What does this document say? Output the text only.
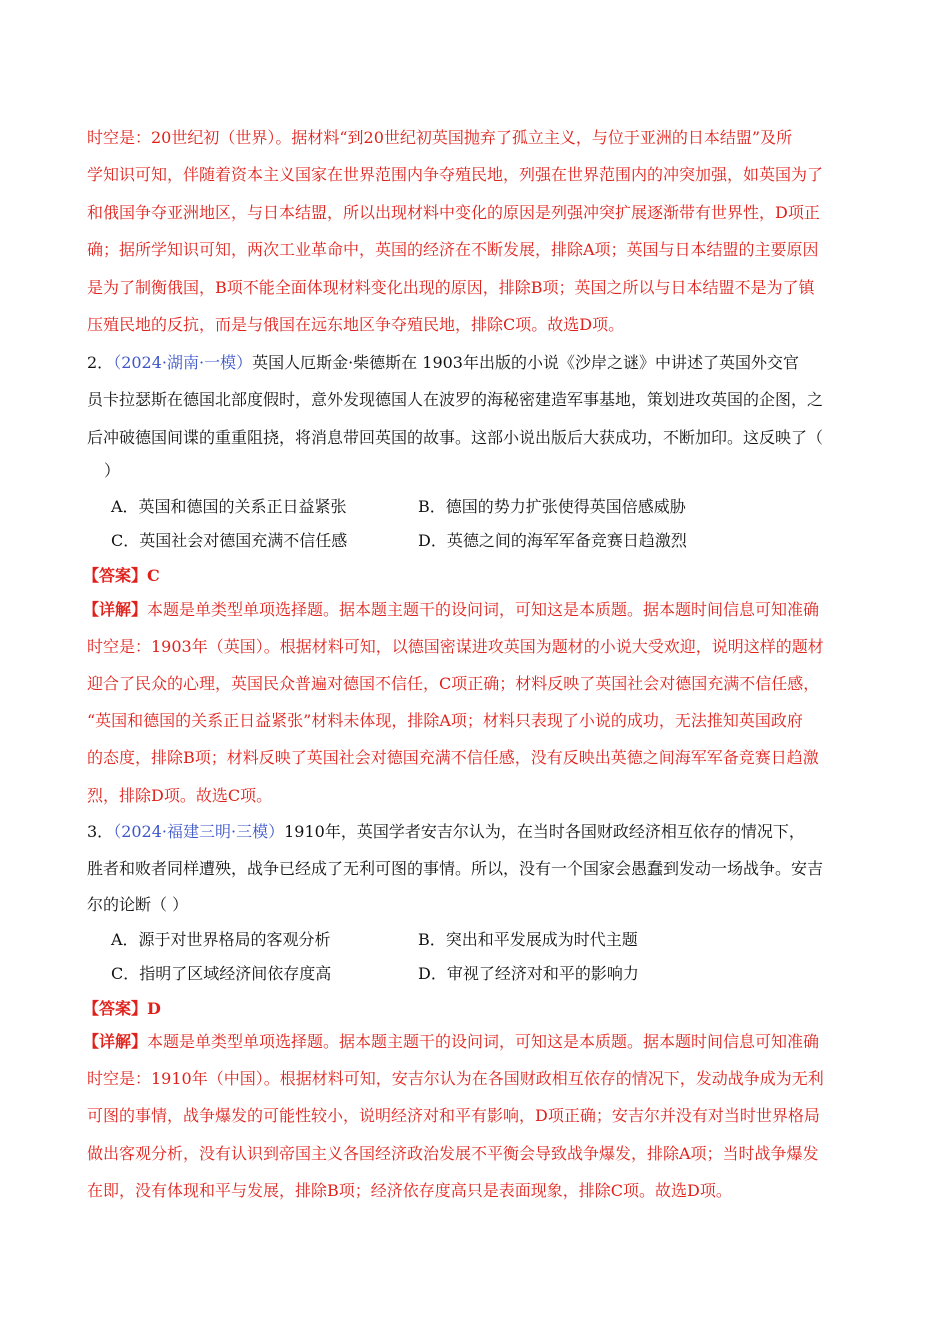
时空是：20世纪初（世界）。据材料“到20世纪初英国抛弃了孤立主义，与位于亚洲的日本结盟”及所
学知识可知，伴随着资本主义国家在世界范围内争夺殖民地，列强在世界范围内的冲突加强，如英国为了
和俄国争夺亚洲地区，与日本结盟，所以出现材料中变化的原因是列强冲突扩展逐渐带有世界性，D项正
确；据所学知识可知，两次工业革命中，英国的经济在不断发展，排除A项；英国与日本结盟的主要原因
是为了制衡俄国，B项不能全面体现材料变化出现的原因，排除B项；英国之所以与日本结盟不是为了镇
压殖民地的反抗，而是与俄国在远东地区争夺殖民地，排除C项。故选D项。
2．（2024·湖南·一模）英国人厄斯金·柴德斯在 1903年出版的小说《沙岸之谜》中讲述了英国外交官
员卡拉瑟斯在德国北部度假时，意外发现德国人在波罗的海秘密建造军事基地，策划进攻英国的企图，之
后冲破德国间谍的重重阻挠，将消息带回英国的故事。这部小说出版后大获成功，不断加印。这反映了（
）
A．英国和德国的关系正日益紧张	B．德国的势力扩张使得英国倍感威胁
C．英国社会对德国充满不信任感	D．英德之间的海军军备竞赛日趋激烈
【答案】C
【详解】本题是单类型单项选择题。据本题主题干的设问词，可知这是本质题。据本题时间信息可知准确
时空是：1903年（英国）。根据材料可知，以德国密谋进攻英国为题材的小说大受欢迎，说明这样的题材
迎合了民众的心理，英国民众普遍对德国不信任，C项正确；材料反映了英国社会对德国充满不信任感，
“英国和德国的关系正日益紧张”材料未体现，排除A项；材料只表现了小说的成功，无法推知英国政府
的态度，排除B项；材料反映了英国社会对德国充满不信任感，没有反映出英德之间海军军备竞赛日趋激
烈，排除D项。故选C项。
3．（2024·福建三明·三模）1910年，英国学者安吉尔认为，在当时各国财政经济相互依存的情况下，
胜者和败者同样遭殃，战争已经成了无利可图的事情。所以，没有一个国家会愚蠢到发动一场战争。安吉
尔的论断（ ）
A．源于对世界格局的客观分析	B．突出和平发展成为时代主题
C．指明了区域经济间依存度高	D．审视了经济对和平的影响力
【答案】D
【详解】本题是单类型单项选择题。据本题主题干的设问词，可知这是本质题。据本题时间信息可知准确
时空是：1910年（中国）。根据材料可知，安吉尔认为在各国财政相互依存的情况下，发动战争成为无利
可图的事情，战争爆发的可能性较小，说明经济对和平有影响，D项正确；安吉尔并没有对当时世界格局
做出客观分析，没有认识到帝国主义各国经济政治发展不平衡会导致战争爆发，排除A项；当时战争爆发
在即，没有体现和平与发展，排除B项；经济依存度高只是表面现象，排除C项。故选D项。
